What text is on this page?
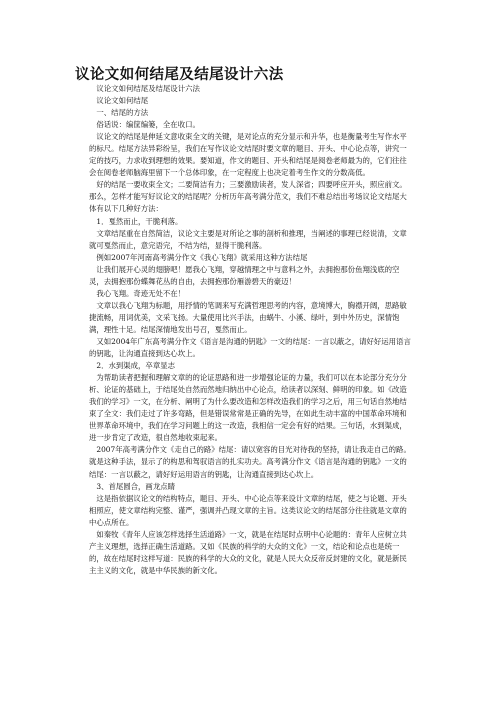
议论文如何结尾及结尾设计六法

议论文如何结尾及结尾设计六法

议论文如何结尾

一、结尾的方法

俗话说：编筐编篓，全在收口。

议论文的结尾是伸延文意收束全文的关键，是对论点的充分显示和升华，也是衡量考生写作水平的标尺。结尾方法异彩纷呈，我们在写作议论文结尾时要文章的题目、开头、中心论点等，讲究一定的技巧，力求收到理想的效果。要知道，作文的题目、开头和结尾是阅卷老师最为的，它们往往会在阅卷老师脑海里留下一个总体印象，在一定程度上也决定着考生作文的分数高低。

好的结尾一要收束全文；二要简洁有力；三要激励读者，发人深省；四要呼应开头，照应前文。那么，怎样才能写好议论文的结尾呢？分析历年高考满分范文，我们不难总结出考场议论文结尾大体有以下几种好方法：

1．戛然而止，干脆利落。

文章结尾重在自然简洁，议论文主要是对所论之事的剖析和推理，当阐述的事理已经说清，文章就可戛然而止，意完语完，不结为结，显得干脆利落。

例如2007年河南高考满分作文《我心飞翔》就采用这种方法结尾

让我们展开心灵的翅膀吧！愿我心飞翔，穿越情理之中与意料之外，去拥抱那份鱼翔浅底的空灵，去拥抱那份蝶舞花丛的自由，去拥抱那份雁游碧天的豪迈！

我心飞翔。奇迹无处不在！

文章以我心飞翔为标题，用抒情的笔调来写充满哲理思考的内容，意境博大，胸襟开阔，思路敏捷流畅，用词优美，文采飞扬。大量使用比兴手法，由蜗牛、小溪、绿叶，到中外历史，深情饱满，理性十足。结尾深情地发出号召，戛然而止。

又如2004年广东高考满分作文《语言是沟通的钥匙》一文的结尾：一言以蔽之，请好好运用语言的钥匙，让沟通直接到达心坎上。

2．水到渠成，卒章显志

为帮助读者把握和理解文章的的论证思路和进一步增强论证的力量，我们可以在本论部分充分分析、论证的基础上，于结尾处自然而然地归纳出中心论点，给读者以深刻、鲜明的印象。如《改造我们的学习》一文，在分析、阐明了为什么要改造和怎样改造我们的学习之后，用三句话自然地结束了全文：我们走过了许多弯路，但是错误常常是正确的先导，在如此生动丰富的中国革命环境和世界革命环境中，我们在学习问题上的这一改造，我相信一定会有好的结果。三句话，水到渠成，进一步肯定了改造，很自然地收束起来。

2007年高考满分作文《走自己的路》结尾：请以宽容的目光对待我的坚持，请让我走自己的路。就是这种手法，显示了的构思和驾驭语言的扎实功夫。高考满分作文《语言是沟通的钥匙》一文的结尾：一言以蔽之，请好好运用语言的钥匙，让沟通直接到达心坎上。

3、首尾圆合，画龙点睛

这是指依据议论文的结构特点，题目、开头、中心论点等来设计文章的结尾，使之与论题、开头相照应，使文章结构完整、谨严，强调并凸现文章的主旨。这类议论文的结尾部分往往就是文章的中心点所在。

如秦牧《青年人应该怎样选择生活道路》一文，就是在结尾时点明中心论题的：青年人应树立共产主义理想，选择正确生活道路。又如《民族的科学的大众的文化》一文，结论和论点也是统一的，故在结尾时这样写道：民族的科学的大众的文化，就是人民大众反帝反封建的文化，就是新民主主义的文化，就是中华民族的新文化。
